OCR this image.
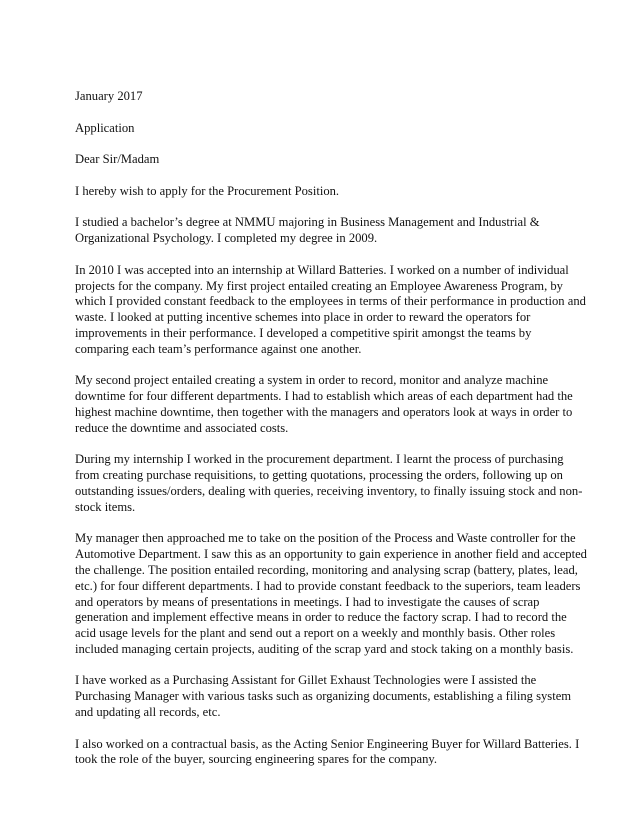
January 2017

Application

Dear Sir/Madam

I hereby wish to apply for the Procurement Position.

I studied a bachelor’s degree at NMMU majoring in Business Management and Industrial &
Organizational Psychology. I completed my degree in 2009.

In 2010 I was accepted into an internship at Willard Batteries. I worked on a number of individual
projects for the company. My first project entailed creating an Employee Awareness Program, by
which I provided constant feedback to the employees in terms of their performance in production and
waste. I looked at putting incentive schemes into place in order to reward the operators for
improvements in their performance. I developed a competitive spirit amongst the teams by
comparing each team’s performance against one another.

My second project entailed creating a system in order to record, monitor and analyze machine
downtime for four different departments. I had to establish which areas of each department had the
highest machine downtime, then together with the managers and operators look at ways in order to
reduce the downtime and associated costs.

During my internship I worked in the procurement department. I learnt the process of purchasing
from creating purchase requisitions, to getting quotations, processing the orders, following up on
outstanding issues/orders, dealing with queries, receiving inventory, to finally issuing stock and non-
stock items.

My manager then approached me to take on the position of the Process and Waste controller for the
Automotive Department. I saw this as an opportunity to gain experience in another field and accepted
the challenge. The position entailed recording, monitoring and analysing scrap (battery, plates, lead,
etc.) for four different departments. I had to provide constant feedback to the superiors, team leaders
and operators by means of presentations in meetings. I had to investigate the causes of scrap
generation and implement effective means in order to reduce the factory scrap. I had to record the
acid usage levels for the plant and send out a report on a weekly and monthly basis. Other roles
included managing certain projects, auditing of the scrap yard and stock taking on a monthly basis.

I have worked as a Purchasing Assistant for Gillet Exhaust Technologies were I assisted the
Purchasing Manager with various tasks such as organizing documents, establishing a filing system
and updating all records, etc.

I also worked on a contractual basis, as the Acting Senior Engineering Buyer for Willard Batteries. I
took the role of the buyer, sourcing engineering spares for the company.
